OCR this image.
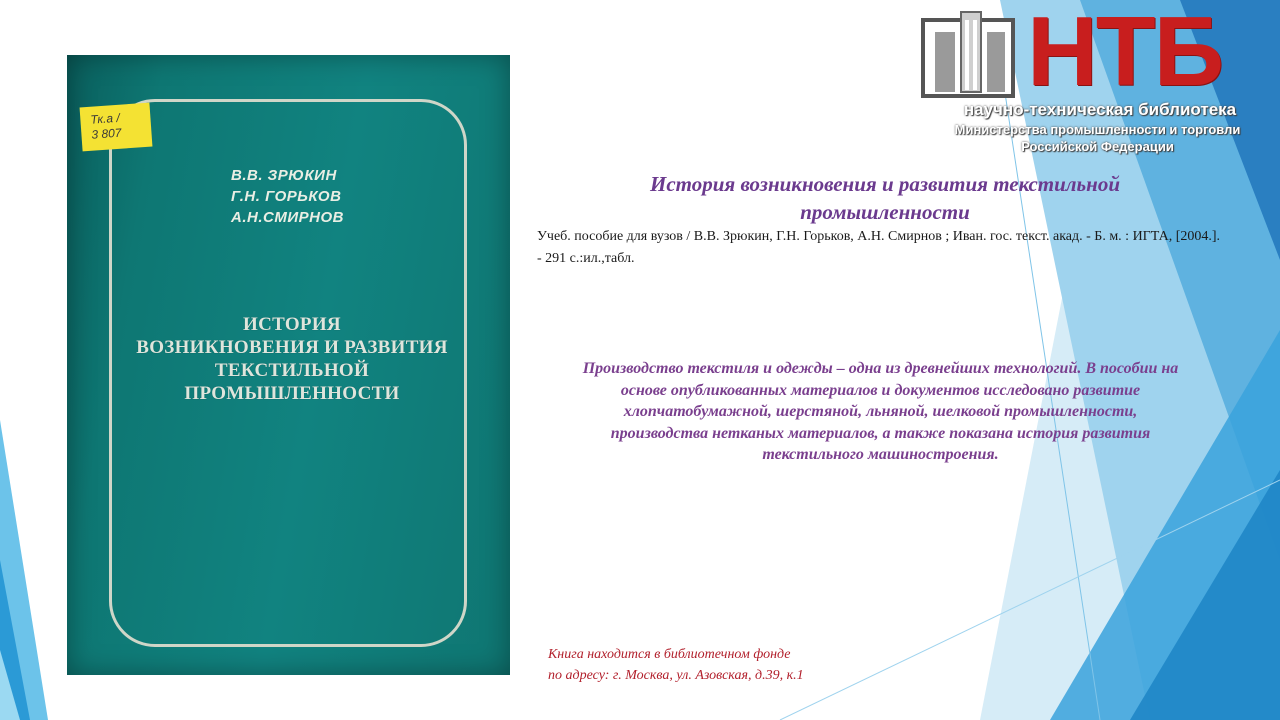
Тк.а /
3 807
В.В. ЗРЮКИН
Г.Н. ГОРЬКОВ
А.Н.СМИРНОВ
ИСТОРИЯ
ВОЗНИКНОВЕНИЯ И РАЗВИТИЯ
ТЕКСТИЛЬНОЙ
ПРОМЫШЛЕННОСТИ
НТБ
научно-техническая библиотека
Министерства промышленности и торговли
Российской Федерации
История возникновения и развития текстильной промышленности
Учеб. пособие для вузов / В.В. Зрюкин, Г.Н. Горьков, А.Н. Смирнов ; Иван. гос. текст. акад. - Б. м. : ИГТА, [2004.]. - 291 с.:ил.,табл.
Производство текстиля и одежды – одна из древнейших технологий. В пособии на основе опубликованных материалов и документов исследовано развитие хлопчатобумажной, шерстяной, льняной, шелковой промышленности, производства нетканых материалов, а также показана история развития текстильного машиностроения.
Книга находится в библиотечном фонде
по адресу: г. Москва, ул. Азовская, д.39, к.1
